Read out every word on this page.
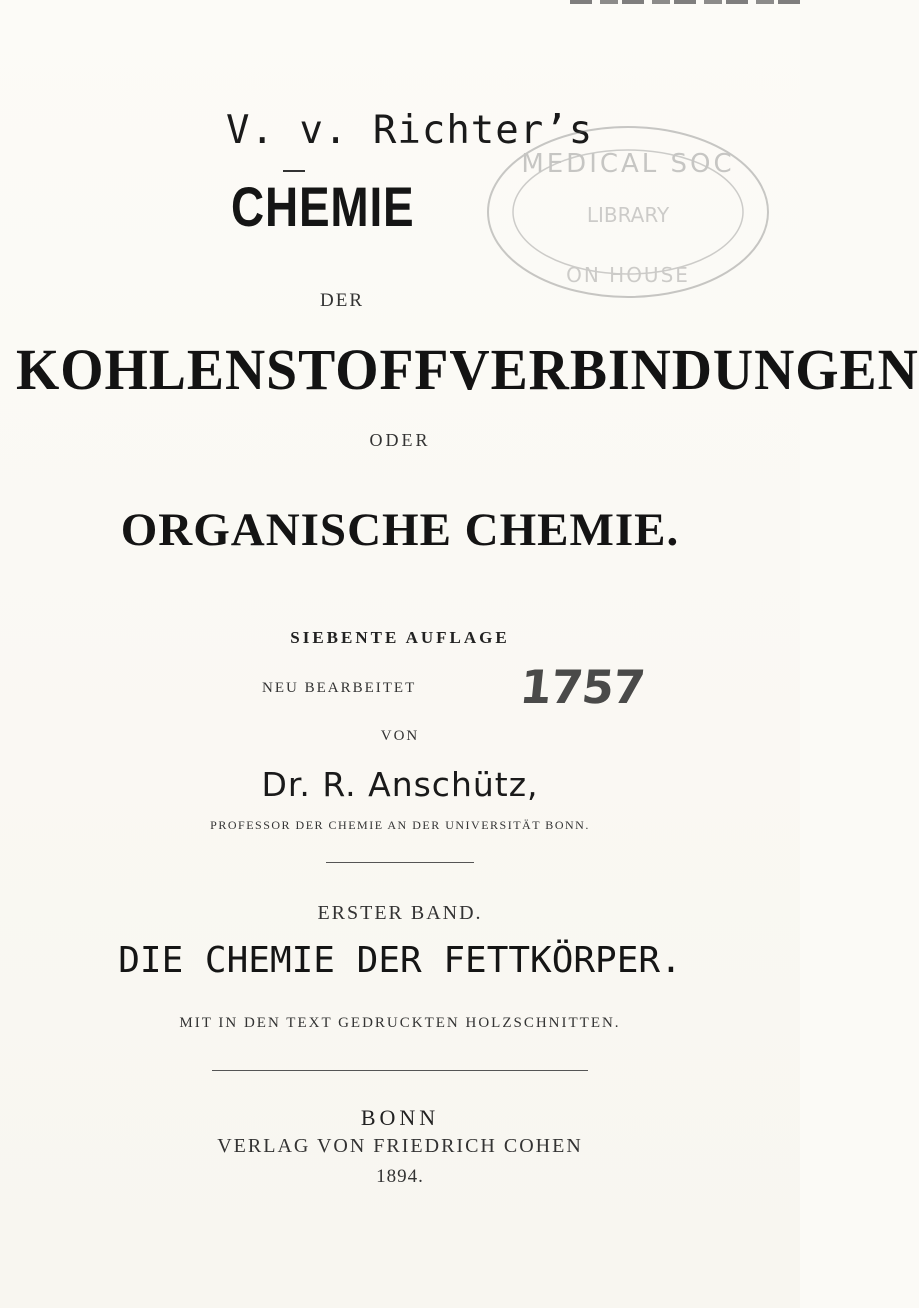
V. v. Richter’s
CHEMIE
MEDICAL SOC
LIBRARY
ON HOUSE
DER
KOHLENSTOFFVERBINDUNGEN
ODER
ORGANISCHE CHEMIE.
SIEBENTE AUFLAGE
NEU BEARBEITET 1757
VON
Dr. R. Anschütz,
PROFESSOR DER CHEMIE AN DER UNIVERSITÄT BONN.
ERSTER BAND.
DIE CHEMIE DER FETTKÖRPER.
MIT IN DEN TEXT GEDRUCKTEN HOLZSCHNITTEN.
BONN
VERLAG VON FRIEDRICH COHEN
1894.
